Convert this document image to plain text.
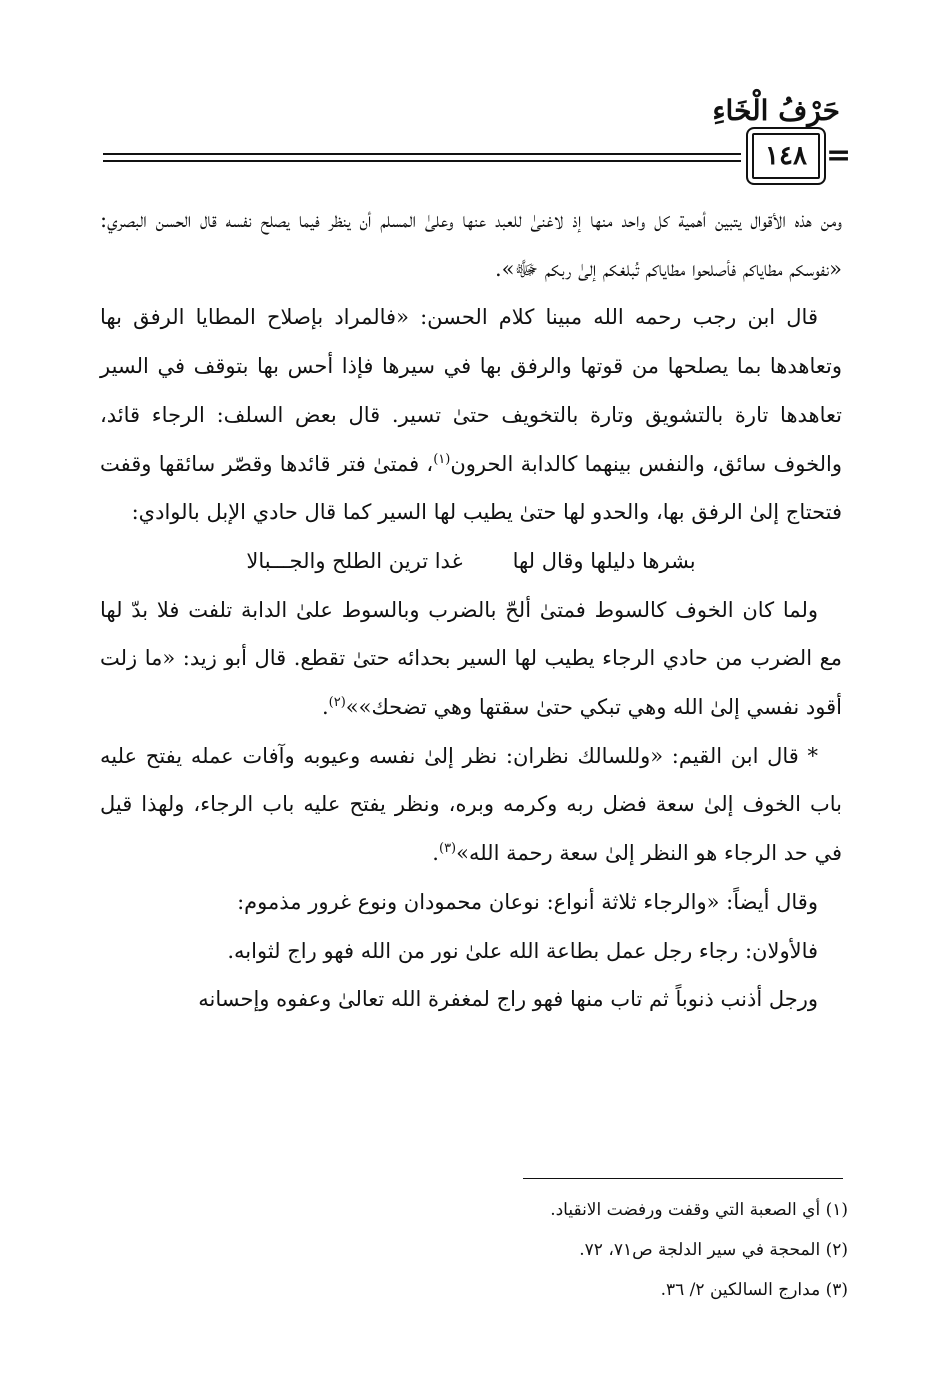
حَرْفُ الْخَاءِ
١٤٨ =

ومن هذه الأقوال يتبين أهمية كل واحد منها إذ لاغنىٰ للعبد عنها وعلىٰ المسلم أن ينظر فيما يصلح نفسه قال الحسن البصري: «نفوسكم مطاياكم فأصلحوا مطاياكم تُبلغكم إلىٰ ربكم ﷻ».

قال ابن رجب رحمه الله مبينا كلام الحسن: «فالمراد بإصلاح المطايا الرفق بها وتعاهدها بما يصلحها من قوتها والرفق بها في سيرها فإذا أحس بها بتوقف في السير تعاهدها تارة بالتشويق وتارة بالتخويف حتىٰ تسير. قال بعض السلف: الرجاء قائد، والخوف سائق، والنفس بينهما كالدابة الحرون$^{(١)}$، فمتىٰ فتر قائدها وقصّر سائقها وقفت فتحتاج إلىٰ الرفق بها، والحدو لها حتىٰ يطيب لها السير كما قال حادي الإبل بالوادي:

بشرها دليلها وقال لها
غدا ترين الطلح والجـــبالا

ولما كان الخوف كالسوط فمتىٰ ألحّ بالضرب وبالسوط علىٰ الدابة تلفت فلا بدّ لها مع الضرب من حادي الرجاء يطيب لها السير بحدائه حتىٰ تقطع. قال أبو زيد: «ما زلت أقود نفسي إلىٰ الله وهي تبكي حتىٰ سقتها وهي تضحك»»$^{(٢)}$.

* قال ابن القيم: «وللسالك نظران: نظر إلىٰ نفسه وعيوبه وآفات عمله يفتح عليه باب الخوف إلىٰ سعة فضل ربه وكرمه وبره، ونظر يفتح عليه باب الرجاء، ولهذا قيل في حد الرجاء هو النظر إلىٰ سعة رحمة الله»$^{(٣)}$.

وقال أيضاً: «والرجاء ثلاثة أنواع: نوعان محمودان ونوع غرور مذموم:

فالأولان: رجاء رجل عمل بطاعة الله علىٰ نور من الله فهو راج لثوابه.

ورجل أذنب ذنوباً ثم تاب منها فهو راج لمغفرة الله تعالىٰ وعفوه وإحسانه

(١) أي الصعبة التي وقفت ورفضت الانقياد.

(٢) المحجة في سير الدلجة ص٧١، ٧٢.

(٣) مدارج السالكين ٢/ ٣٦.
